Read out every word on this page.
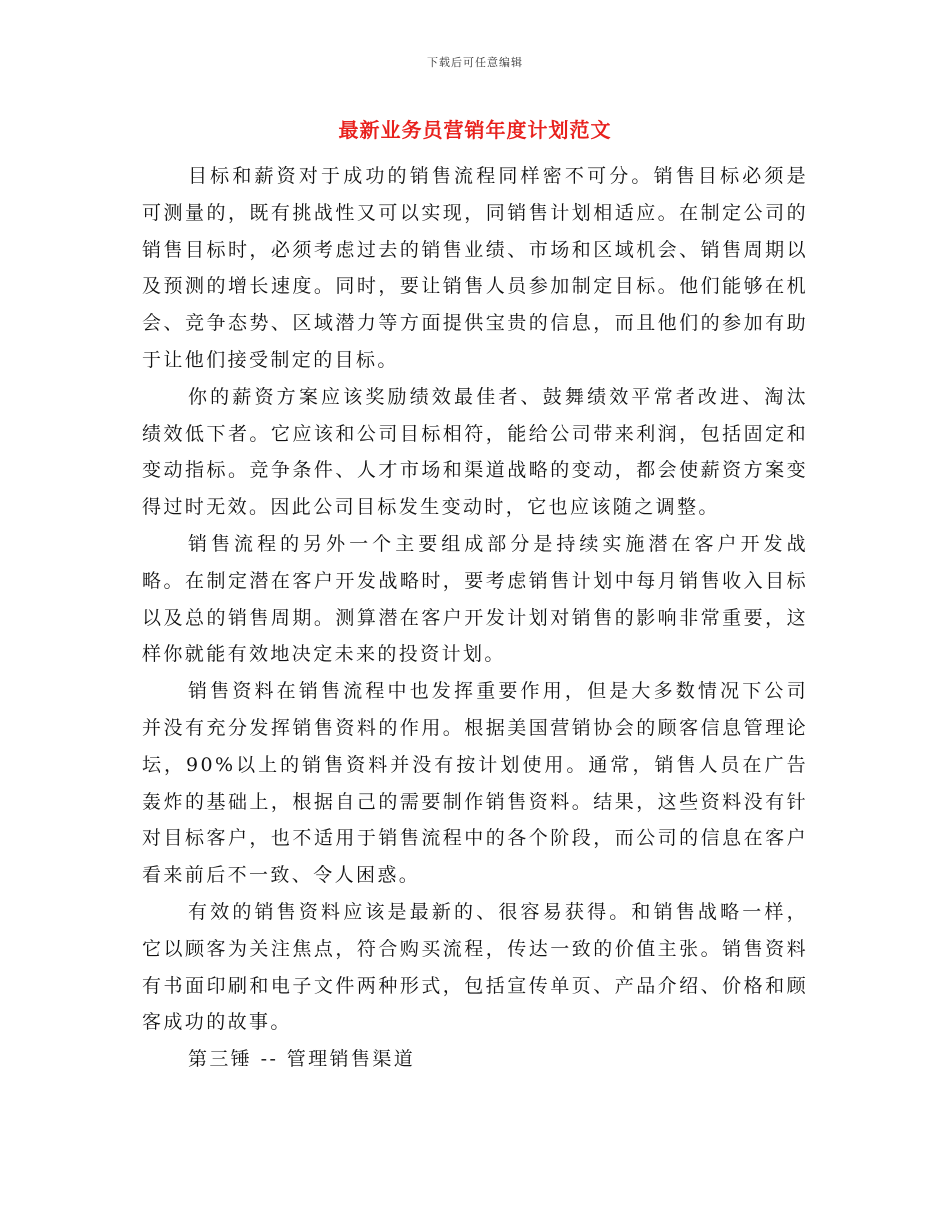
下载后可任意编辑
最新业务员营销年度计划范文

目标和薪资对于成功的销售流程同样密不可分。销售目标必须是可测量的，既有挑战性又可以实现，同销售计划相适应。在制定公司的销售目标时，必须考虑过去的销售业绩、市场和区域机会、销售周期以及预测的增长速度。同时，要让销售人员参加制定目标。他们能够在机会、竞争态势、区域潜力等方面提供宝贵的信息，而且他们的参加有助于让他们接受制定的目标。

你的薪资方案应该奖励绩效最佳者、鼓舞绩效平常者改进、淘汰绩效低下者。它应该和公司目标相符，能给公司带来利润，包括固定和变动指标。竞争条件、人才市场和渠道战略的变动，都会使薪资方案变得过时无效。因此公司目标发生变动时，它也应该随之调整。

销售流程的另外一个主要组成部分是持续实施潜在客户开发战略。在制定潜在客户开发战略时，要考虑销售计划中每月销售收入目标以及总的销售周期。测算潜在客户开发计划对销售的影响非常重要，这样你就能有效地决定未来的投资计划。

销售资料在销售流程中也发挥重要作用，但是大多数情况下公司并没有充分发挥销售资料的作用。根据美国营销协会的顾客信息管理论坛，90%以上的销售资料并没有按计划使用。通常，销售人员在广告轰炸的基础上，根据自己的需要制作销售资料。结果，这些资料没有针对目标客户，也不适用于销售流程中的各个阶段，而公司的信息在客户看来前后不一致、令人困惑。

有效的销售资料应该是最新的、很容易获得。和销售战略一样，它以顾客为关注焦点，符合购买流程，传达一致的价值主张。销售资料有书面印刷和电子文件两种形式，包括宣传单页、产品介绍、价格和顾客成功的故事。

第三锤 -- 管理销售渠道
